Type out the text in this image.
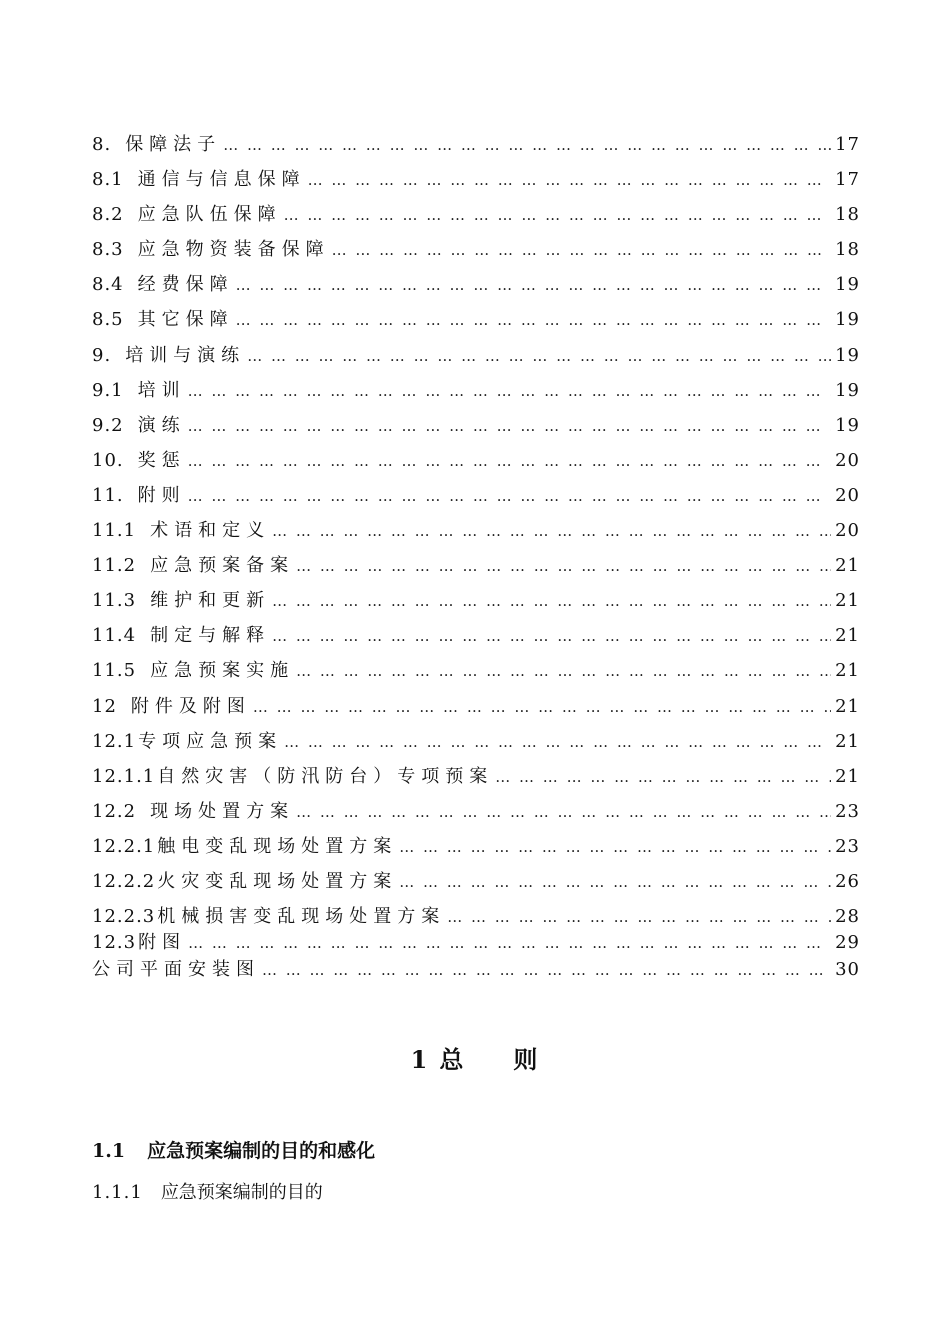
8. 保障法子 … … … … … … … … … … … … … … … … … … … … … … … … … … … … … … … … … … … … … … … … … … … … … … … … … … … … … … … … … … … … … … … … … …	17
8.1 通信与信息保障 … … … … … … … … … … … … … … … … … … … … … … … … … … … … … … … … … … … … … … … … … … … … … … … … … … … … … … … … … … … … … … … … … …	17
8.2 应急队伍保障 … … … … … … … … … … … … … … … … … … … … … … … … … … … … … … … … … … … … … … … … … … … … … … … … … … … … … … … … … … … … … … … … … …	18
8.3 应急物资装备保障 … … … … … … … … … … … … … … … … … … … … … … … … … … … … … … … … … … … … … … … … … … … … … … … … … … … … … … … … … … … … … … … … … …	18
8.4 经费保障 … … … … … … … … … … … … … … … … … … … … … … … … … … … … … … … … … … … … … … … … … … … … … … … … … … … … … … … … … … … … … … … … … …	19
8.5 其它保障 … … … … … … … … … … … … … … … … … … … … … … … … … … … … … … … … … … … … … … … … … … … … … … … … … … … … … … … … … … … … … … … … … …	19
9. 培训与演练 … … … … … … … … … … … … … … … … … … … … … … … … … … … … … … … … … … … … … … … … … … … … … … … … … … … … … … … … … … … … … … … … … …	19
9.1 培训 … … … … … … … … … … … … … … … … … … … … … … … … … … … … … … … … … … … … … … … … … … … … … … … … … … … … … … … … … … … … … … … … … …	19
9.2 演练 … … … … … … … … … … … … … … … … … … … … … … … … … … … … … … … … … … … … … … … … … … … … … … … … … … … … … … … … … … … … … … … … … …	19
10. 奖惩 … … … … … … … … … … … … … … … … … … … … … … … … … … … … … … … … … … … … … … … … … … … … … … … … … … … … … … … … … … … … … … … … … …	20
11. 附则 … … … … … … … … … … … … … … … … … … … … … … … … … … … … … … … … … … … … … … … … … … … … … … … … … … … … … … … … … … … … … … … … … …	20
11.1 术语和定义 … … … … … … … … … … … … … … … … … … … … … … … … … … … … … … … … … … … … … … … … … … … … … … … … … … … … … … … … … … … … … … … … … …	20
11.2 应急预案备案 … … … … … … … … … … … … … … … … … … … … … … … … … … … … … … … … … … … … … … … … … … … … … … … … … … … … … … … … … … … … … … … … … …	21
11.3 维护和更新 … … … … … … … … … … … … … … … … … … … … … … … … … … … … … … … … … … … … … … … … … … … … … … … … … … … … … … … … … … … … … … … … … …	21
11.4 制定与解释 … … … … … … … … … … … … … … … … … … … … … … … … … … … … … … … … … … … … … … … … … … … … … … … … … … … … … … … … … … … … … … … … … …	21
11.5 应急预案实施 … … … … … … … … … … … … … … … … … … … … … … … … … … … … … … … … … … … … … … … … … … … … … … … … … … … … … … … … … … … … … … … … … …	21
12 附件及附图 … … … … … … … … … … … … … … … … … … … … … … … … … … … … … … … … … … … … … … … … … … … … … … … … … … … … … … … … … … … … … … … … … …	21
12.1 专项应急预案 … … … … … … … … … … … … … … … … … … … … … … … … … … … … … … … … … … … … … … … … … … … … … … … … … … … … … … … … … … … … … … … … … …	21
12.1.1 自然灾害（防汛防台）专项预案 … … … … … … … … … … … … … … … … … … … … … … … … … … … … … … … … … … … … … … … … … … … … … … … … … … … … … … … … … … … … … … … … … …	21
12.2 现场处置方案 … … … … … … … … … … … … … … … … … … … … … … … … … … … … … … … … … … … … … … … … … … … … … … … … … … … … … … … … … … … … … … … … … …	23
12.2.1 触电变乱现场处置方案 … … … … … … … … … … … … … … … … … … … … … … … … … … … … … … … … … … … … … … … … … … … … … … … … … … … … … … … … … … … … … … … … … …	23
12.2.2 火灾变乱现场处置方案 … … … … … … … … … … … … … … … … … … … … … … … … … … … … … … … … … … … … … … … … … … … … … … … … … … … … … … … … … … … … … … … … … …	26
12.2.3 机械损害变乱现场处置方案 … … … … … … … … … … … … … … … … … … … … … … … … … … … … … … … … … … … … … … … … … … … … … … … … … … … … … … … … … … … … … … … … … …	28
12.3 附图 … … … … … … … … … … … … … … … … … … … … … … … … … … … … … … … … … … … … … … … … … … … … … … … … … … … … … … … … … … … … … … … … … …	29
公司平面安装图 … … … … … … … … … … … … … … … … … … … … … … … … … … … … … … … … … … … … … … … … … … … … … … … … … … … … … … … … … … … … … … … … … …	30
1 总 则
1.1 应急预案编制的目的和感化
1.1.1 应急预案编制的目的
